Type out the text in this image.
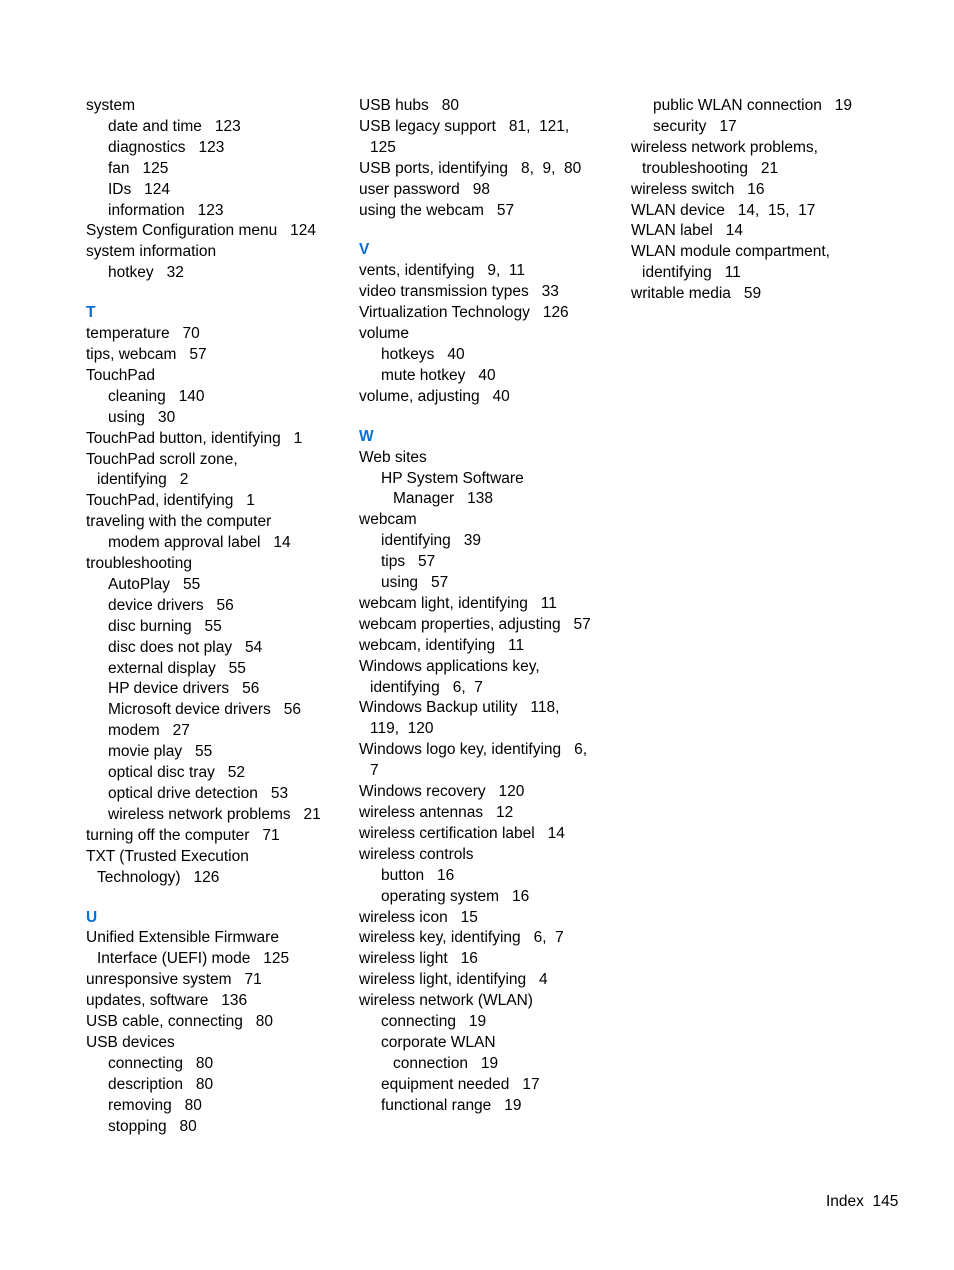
system
date and time   123
diagnostics   123
fan   125
IDs   124
information   123
System Configuration menu   124
system information
hotkey   32
T
temperature   70
tips, webcam   57
TouchPad
cleaning   140
using   30
TouchPad button, identifying   1
TouchPad scroll zone,
identifying   2
TouchPad, identifying   1
traveling with the computer
modem approval label   14
troubleshooting
AutoPlay   55
device drivers   56
disc burning   55
disc does not play   54
external display   55
HP device drivers   56
Microsoft device drivers   56
modem   27
movie play   55
optical disc tray   52
optical drive detection   53
wireless network problems   21
turning off the computer   71
TXT (Trusted Execution
Technology)   126
U
Unified Extensible Firmware
Interface (UEFI) mode   125
unresponsive system   71
updates, software   136
USB cable, connecting   80
USB devices
connecting   80
description   80
removing   80
stopping   80
USB hubs   80
USB legacy support   81,  121,
125
USB ports, identifying   8,  9,  80
user password   98
using the webcam   57
V
vents, identifying   9,  11
video transmission types   33
Virtualization Technology   126
volume
hotkeys   40
mute hotkey   40
volume, adjusting   40
W
Web sites
HP System Software
Manager   138
webcam
identifying   39
tips   57
using   57
webcam light, identifying   11
webcam properties, adjusting   57
webcam, identifying   11
Windows applications key,
identifying   6,  7
Windows Backup utility   118,
119,  120
Windows logo key, identifying   6,
7
Windows recovery   120
wireless antennas   12
wireless certification label   14
wireless controls
button   16
operating system   16
wireless icon   15
wireless key, identifying   6,  7
wireless light   16
wireless light, identifying   4
wireless network (WLAN)
connecting   19
corporate WLAN
connection   19
equipment needed   17
functional range   19
public WLAN connection   19
security   17
wireless network problems,
troubleshooting   21
wireless switch   16
WLAN device   14,  15,  17
WLAN label   14
WLAN module compartment,
identifying   11
writable media   59
Index  145
